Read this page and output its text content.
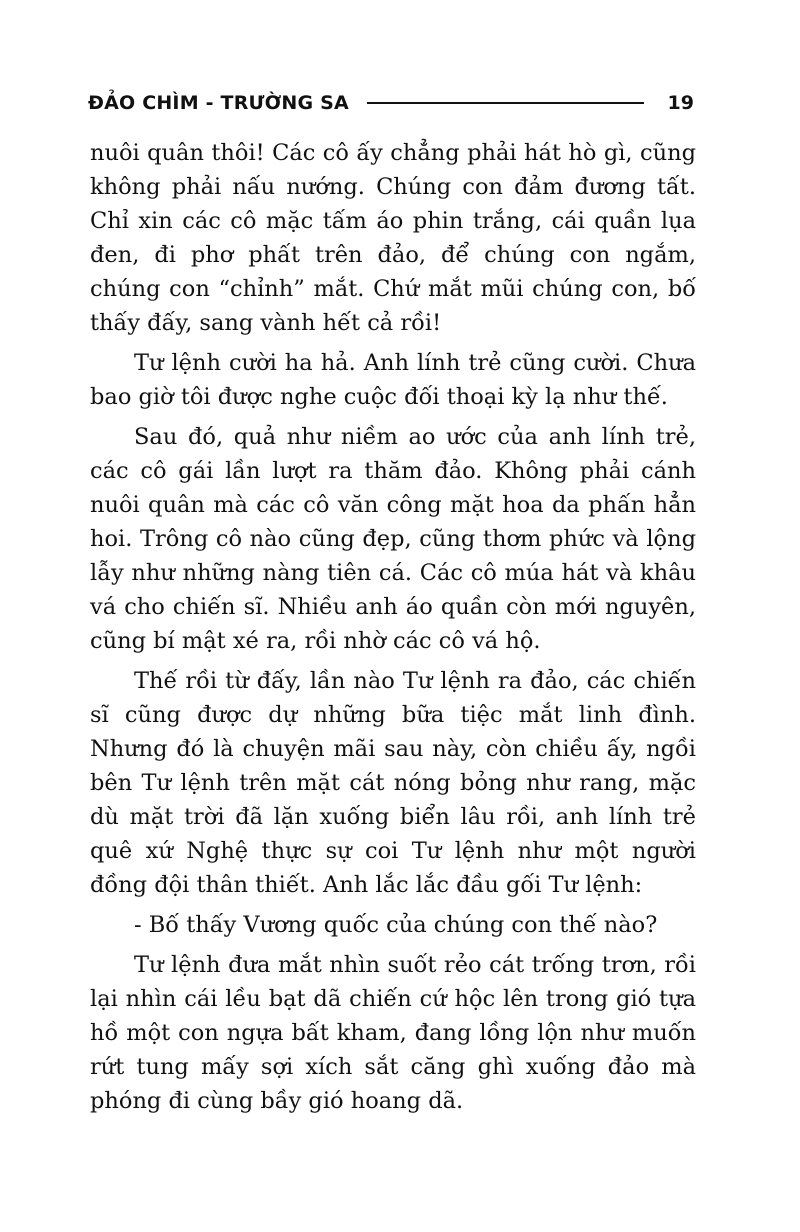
ĐẢO CHÌM - TRƯỜNG SA	19

nuôi quân thôi! Các cô ấy chẳng phải hát hò gì, cũng không phải nấu nướng. Chúng con đảm đương tất. Chỉ xin các cô mặc tấm áo phin trắng, cái quần lụa đen, đi phơ phất trên đảo, để chúng con ngắm, chúng con “chỉnh” mắt. Chứ mắt mũi chúng con, bố thấy đấy, sang vành hết cả rồi!

Tư lệnh cười ha hả. Anh lính trẻ cũng cười. Chưa bao giờ tôi được nghe cuộc đối thoại kỳ lạ như thế.

Sau đó, quả như niềm ao ước của anh lính trẻ, các cô gái lần lượt ra thăm đảo. Không phải cánh nuôi quân mà các cô văn công mặt hoa da phấn hẳn hoi. Trông cô nào cũng đẹp, cũng thơm phức và lộng lẫy như những nàng tiên cá. Các cô múa hát và khâu vá cho chiến sĩ. Nhiều anh áo quần còn mới nguyên, cũng bí mật xé ra, rồi nhờ các cô vá hộ.

Thế rồi từ đấy, lần nào Tư lệnh ra đảo, các chiến sĩ cũng được dự những bữa tiệc mắt linh đình. Nhưng đó là chuyện mãi sau này, còn chiều ấy, ngồi bên Tư lệnh trên mặt cát nóng bỏng như rang, mặc dù mặt trời đã lặn xuống biển lâu rồi, anh lính trẻ quê xứ Nghệ thực sự coi Tư lệnh như một người đồng đội thân thiết. Anh lắc lắc đầu gối Tư lệnh:

- Bố thấy Vương quốc của chúng con thế nào?

Tư lệnh đưa mắt nhìn suốt rẻo cát trống trơn, rồi lại nhìn cái lều bạt dã chiến cứ hộc lên trong gió tựa hồ một con ngựa bất kham, đang lồng lộn như muốn rứt tung mấy sợi xích sắt căng ghì xuống đảo mà phóng đi cùng bầy gió hoang dã.
